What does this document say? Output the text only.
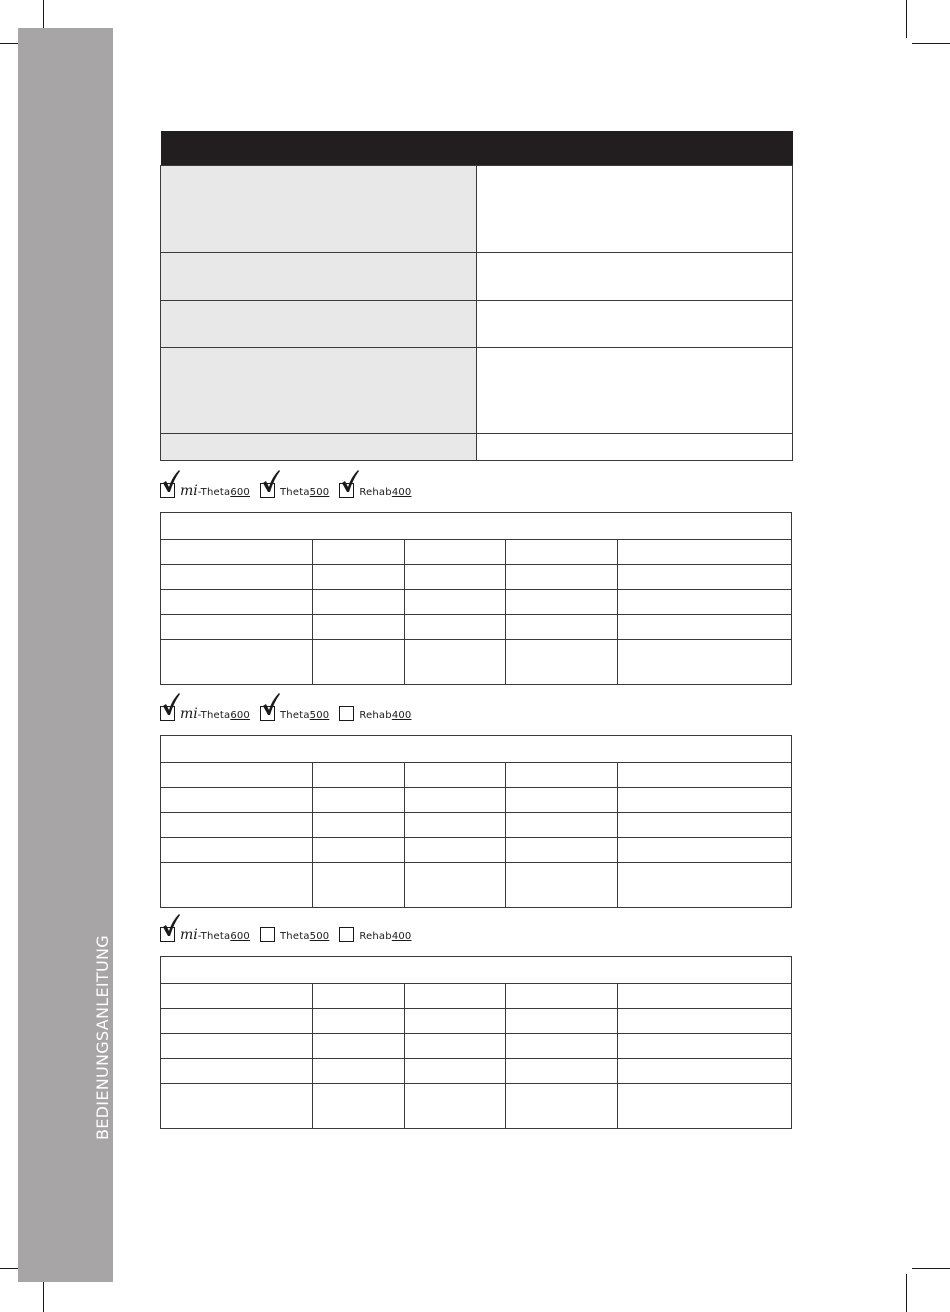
BEDIENUNGSANLEITUNG

mi-Theta600	Theta500	Rehab400

mi-Theta600	Theta500	Rehab400

mi-Theta600	Theta500	Rehab400
